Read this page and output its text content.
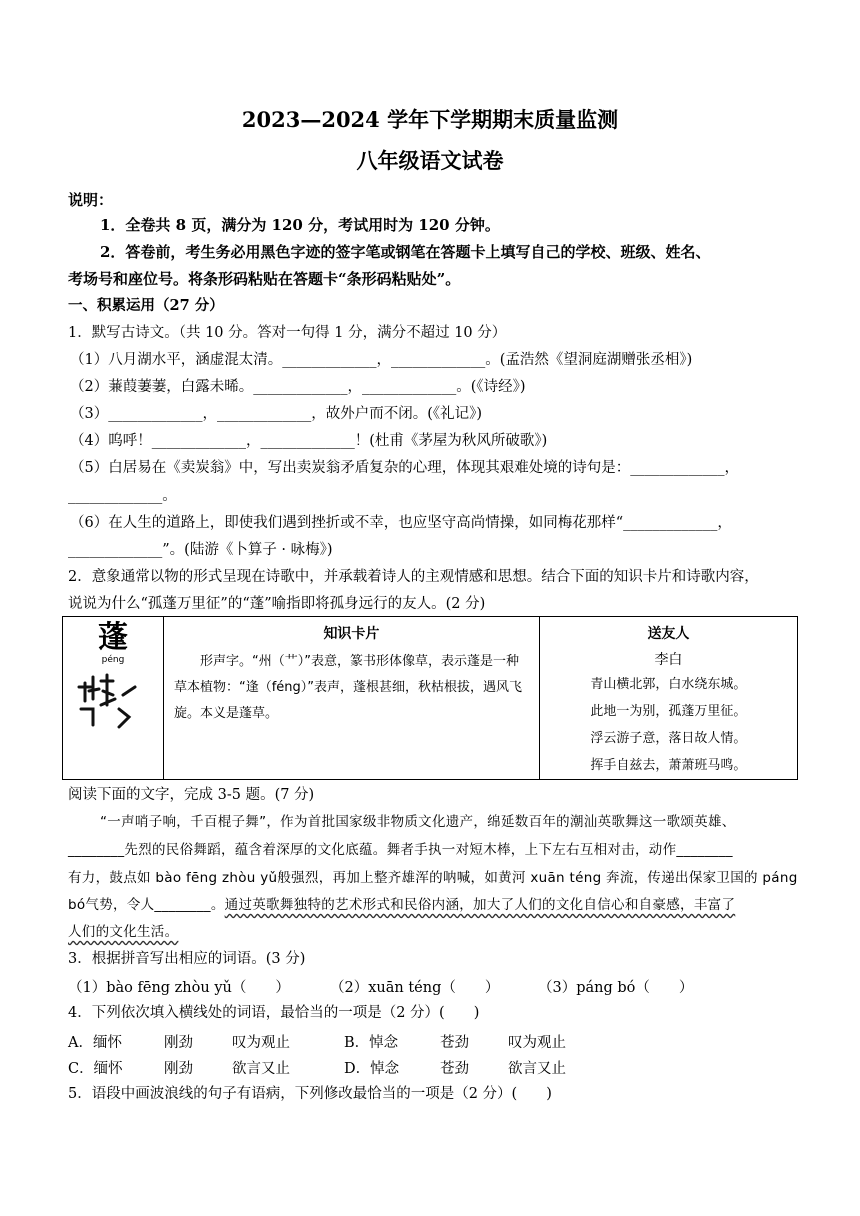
2023—2024 学年下学期期末质量监测
八年级语文试卷
说明：
1．全卷共 8 页，满分为 120 分，考试用时为 120 分钟。
2．答卷前，考生务必用黑色字迹的签字笔或钢笔在答题卡上填写自己的学校、班级、姓名、
考场号和座位号。将条形码粘贴在答题卡“条形码粘贴处”。
一、积累运用（27 分）
1．默写古诗文。（共 10 分。答对一句得 1 分，满分不超过 10 分）
（1）八月湖水平，涵虚混太清。_____________，_____________。(孟浩然《望洞庭湖赠张丞相》)
（2）蒹葭萋萋，白露未晞。_____________，_____________。(《诗经》)
（3）_____________，_____________，故外户而不闭。(《礼记》)
（4）呜呼！_____________，_____________！(杜甫《茅屋为秋风所破歌》)
（5）白居易在《卖炭翁》中，写出卖炭翁矛盾复杂的心理，体现其艰难处境的诗句是：_____________，
_____________。
（6）在人生的道路上，即使我们遇到挫折或不幸，也应坚守高尚情操，如同梅花那样“_____________，
_____________”。(陆游《卜算子 · 咏梅》)
2．意象通常以物的形式呈现在诗歌中，并承载着诗人的主观情感和思想。结合下面的知识卡片和诗歌内容，
说说为什么“孤蓬万里征”的“蓬”喻指即将孤身远行的友人。(2 分)
蓬
péng

知识卡片
形声字。“州（艹）”表意，篆书形体像草，表示蓬是一种草本植物：“逢（féng）”表声，蓬根甚细，秋枯根拔，遇风飞旋。本义是蓬草。

送友人
李白
青山横北郭，白水绕东城。
此地一为别，孤蓬万里征。
浮云游子意，落日故人情。
挥手自兹去，萧萧班马鸣。
阅读下面的文字，完成 3-5 题。(7 分)
“一声哨子响，千百棍子舞”，作为首批国家级非物质文化遗产，绵延数百年的潮汕英歌舞这一歌颂英雄、
________先烈的民俗舞蹈，蕴含着深厚的文化底蕴。舞者手执一对短木棒，上下左右互相对击，动作________
有力，鼓点如 bào fēng zhòu yǔ般强烈，再加上整齐雄浑的呐喊，如黄河 xuān téng 奔流，传递出保家卫国的 páng
bó气势，令人________。通过英歌舞独特的艺术形式和民俗内涵，加大了人们的文化自信心和自豪感，丰富了
人们的文化生活。
3．根据拼音写出相应的词语。(3 分)
（1）bào fēng zhòu yǔ（　　）	（2）xuān téng（　　）	（3）páng bó（　　）
4．下列依次填入横线处的词语，最恰当的一项是（2 分）(　　)
A．缅怀	刚劲	叹为观止	B．悼念	苍劲	叹为观止
C．缅怀	刚劲	欲言又止	D．悼念	苍劲	欲言又止
5．语段中画波浪线的句子有语病，下列修改最恰当的一项是（2 分）(　　)
